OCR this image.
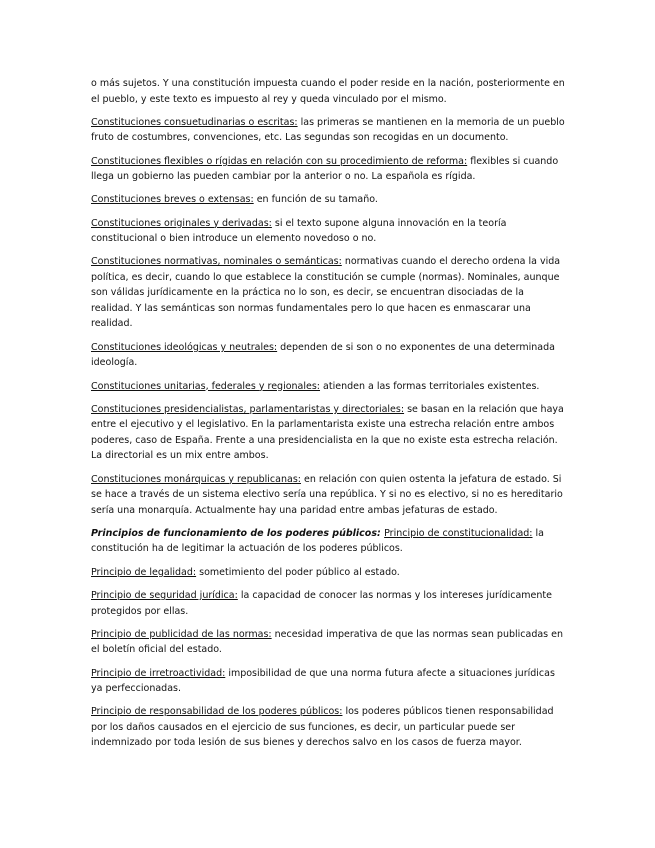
o más sujetos. Y una constitución impuesta cuando el poder reside en la nación, posteriormente en el pueblo, y este texto es impuesto al rey y queda vinculado por el mismo.

Constituciones consuetudinarias o escritas: las primeras se mantienen en la memoria de un pueblo fruto de costumbres, convenciones, etc. Las segundas son recogidas en un documento.

Constituciones flexibles o rígidas en relación con su procedimiento de reforma: flexibles si cuando llega un gobierno las pueden cambiar por la anterior o no. La española es rígida.

Constituciones breves o extensas: en función de su tamaño.

Constituciones originales y derivadas: si el texto supone alguna innovación en la teoría constitucional o bien introduce un elemento novedoso o no.

Constituciones normativas, nominales o semánticas: normativas cuando el derecho ordena la vida política, es decir, cuando lo que establece la constitución se cumple (normas). Nominales, aunque son válidas jurídicamente en la práctica no lo son, es decir, se encuentran disociadas de la realidad. Y las semánticas son normas fundamentales pero lo que hacen es enmascarar una realidad.

Constituciones ideológicas y neutrales: dependen de si son o no exponentes de una determinada ideología.

Constituciones unitarias, federales y regionales: atienden a las formas territoriales existentes.

Constituciones presidencialistas, parlamentaristas y directoriales: se basan en la relación que haya entre el ejecutivo y el legislativo. En la parlamentarista existe una estrecha relación entre ambos poderes, caso de España. Frente a una presidencialista en la que no existe esta estrecha relación. La directorial es un mix entre ambos.

Constituciones monárquicas y republicanas: en relación con quien ostenta la jefatura de estado. Si se hace a través de un sistema electivo sería una república. Y si no es electivo, si no es hereditario sería una monarquía. Actualmente hay una paridad entre ambas jefaturas de estado.

Principios de funcionamiento de los poderes públicos: Principio de constitucionalidad: la constitución ha de legitimar la actuación de los poderes públicos.

Principio de legalidad: sometimiento del poder público al estado.

Principio de seguridad jurídica: la capacidad de conocer las normas y los intereses jurídicamente protegidos por ellas.

Principio de publicidad de las normas: necesidad imperativa de que las normas sean publicadas en el boletín oficial del estado.

Principio de irretroactividad: imposibilidad de que una norma futura afecte a situaciones jurídicas ya perfeccionadas.

Principio de responsabilidad de los poderes públicos: los poderes públicos tienen responsabilidad por los daños causados en el ejercicio de sus funciones, es decir, un particular puede ser indemnizado por toda lesión de sus bienes y derechos salvo en los casos de fuerza mayor.
